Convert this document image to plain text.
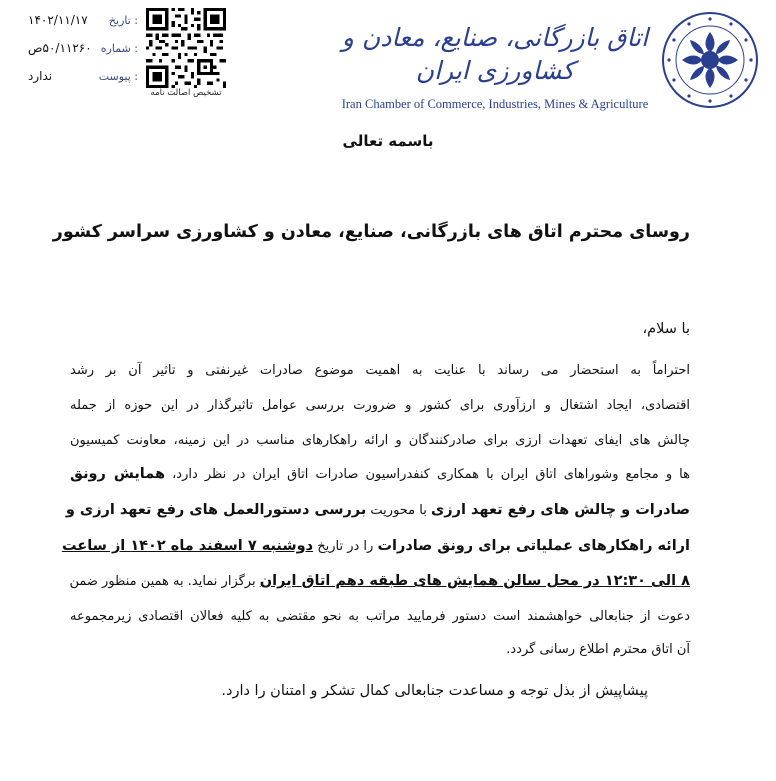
: تاریخ
۱۴۰۲/۱۱/۱۷
: شماره
۵۰/۱۱۲۶۰ص
: پیوست
ندارد
تشخیص اصالت نامه
اتاق بازرگانی، صنایع، معادن و کشاورزی ایران
Iran Chamber of Commerce, Industries, Mines & Agriculture
باسمه تعالی
روسای محترم اتاق های بازرگانی، صنایع، معادن و کشاورزی سراسر کشور
با سلام،
احتراماً به استحضار می رساند با عنایت به اهمیت موضوع صادرات غیرنفتی و تاثیر آن بر رشد
اقتصادی، ایجاد اشتغال و ارزآوری برای کشور و ضرورت بررسی عوامل تاثیرگذار در این حوزه از جمله
چالش های ایفای تعهدات ارزی برای صادرکنندگان و ارائه راهکارهای مناسب در این زمینه، معاونت کمیسیون
ها و مجامع وشوراهای اتاق ایران با همکاری کنفدراسیون صادرات اتاق ایران در نظر دارد، همایش رونق
صادرات و چالش های رفع تعهد ارزی با محوریت بررسی دستورالعمل های رفع تعهد ارزی و
ارائه راهکارهای عملیاتی برای رونق صادرات را در تاریخ دوشنبه ۷ اسفند ماه ۱۴۰۲ از ساعت
۸ الی ۱۲:۳۰ در محل سالن همایش های طبقه دهم اتاق ایران برگزار نماید. به همین منظور ضمن
دعوت از جنابعالی خواهشمند است دستور فرمایید مراتب به نحو مقتضی به کلیه فعالان اقتصادی زیرمجموعه
آن اتاق محترم اطلاع رسانی گردد.
پیشاپیش از بذل توجه و مساعدت جنابعالی کمال تشکر و امتنان را دارد.
